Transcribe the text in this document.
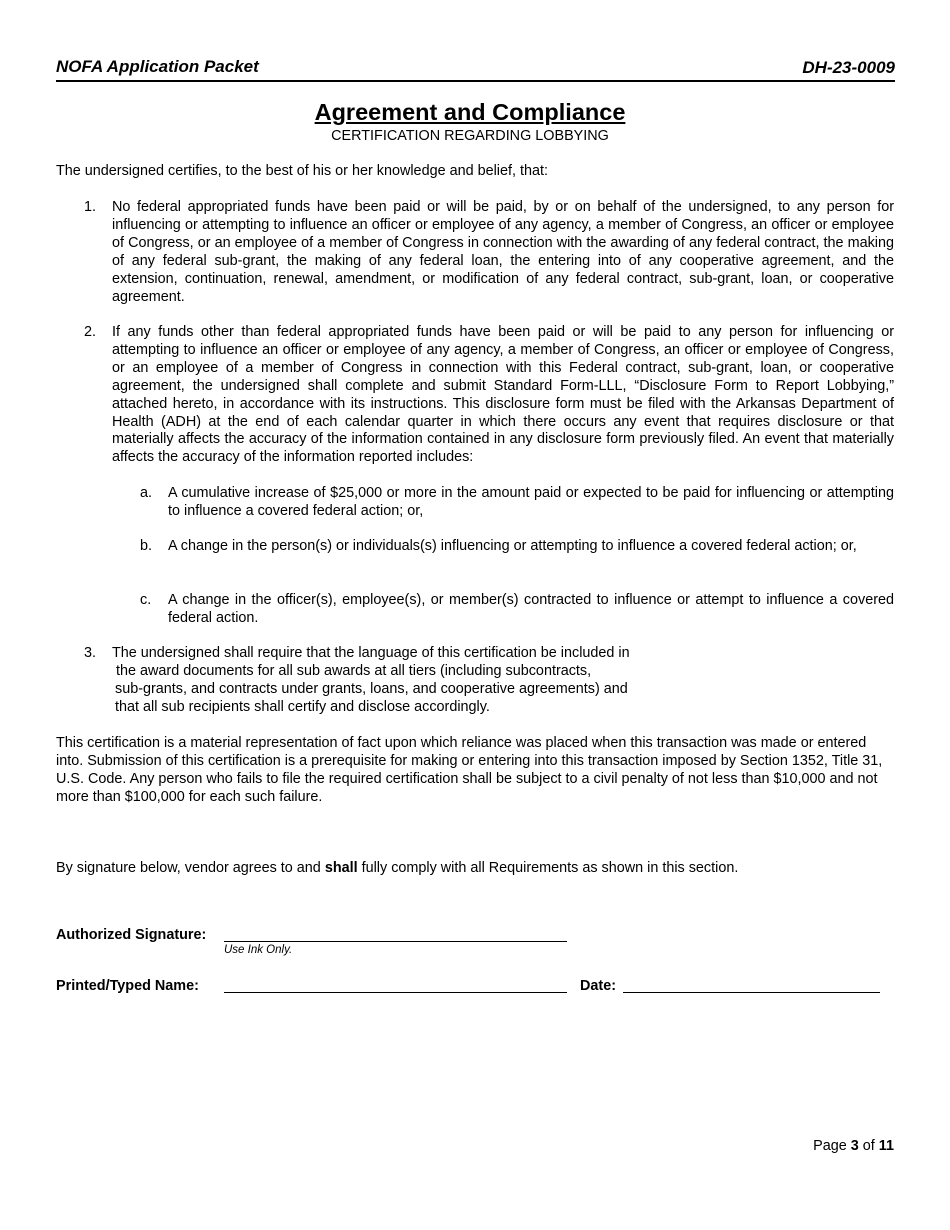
NOFA Application Packet	DH-23-0009
Agreement and Compliance
CERTIFICATION REGARDING LOBBYING
The undersigned certifies, to the best of his or her knowledge and belief, that:
1. No federal appropriated funds have been paid or will be paid, by or on behalf of the undersigned, to any person for influencing or attempting to influence an officer or employee of any agency, a member of Congress, an officer or employee of Congress, or an employee of a member of Congress in connection with the awarding of any federal contract, the making of any federal sub-grant, the making of any federal loan, the entering into of any cooperative agreement, and the extension, continuation, renewal, amendment, or modification of any federal contract, sub-grant, loan, or cooperative agreement.
2. If any funds other than federal appropriated funds have been paid or will be paid to any person for influencing or attempting to influence an officer or employee of any agency, a member of Congress, an officer or employee of Congress, or an employee of a member of Congress in connection with this Federal contract, sub-grant, loan, or cooperative agreement, the undersigned shall complete and submit Standard Form-LLL, “Disclosure Form to Report Lobbying,” attached hereto, in accordance with its instructions. This disclosure form must be filed with the Arkansas Department of Health (ADH) at the end of each calendar quarter in which there occurs any event that requires disclosure or that materially affects the accuracy of the information contained in any disclosure form previously filed. An event that materially affects the accuracy of the information reported includes:
a. A cumulative increase of $25,000 or more in the amount paid or expected to be paid for influencing or attempting to influence a covered federal action; or,
b. A change in the person(s) or individuals(s) influencing or attempting to influence a covered federal action; or,
c. A change in the officer(s), employee(s), or member(s) contracted to influence or attempt to influence a covered federal action.
3. The undersigned shall require that the language of this certification be included in
the award documents for all sub awards at all tiers (including subcontracts,
sub-grants, and contracts under grants, loans, and cooperative agreements) and
that all sub recipients shall certify and disclose accordingly.
This certification is a material representation of fact upon which reliance was placed when this transaction was made or entered into. Submission of this certification is a prerequisite for making or entering into this transaction imposed by Section 1352, Title 31, U.S. Code. Any person who fails to file the required certification shall be subject to a civil penalty of not less than $10,000 and not more than $100,000 for each such failure.
By signature below, vendor agrees to and shall fully comply with all Requirements as shown in this section.
Authorized Signature:
Use Ink Only.
Printed/Typed Name:	Date:
Page 3 of 11
